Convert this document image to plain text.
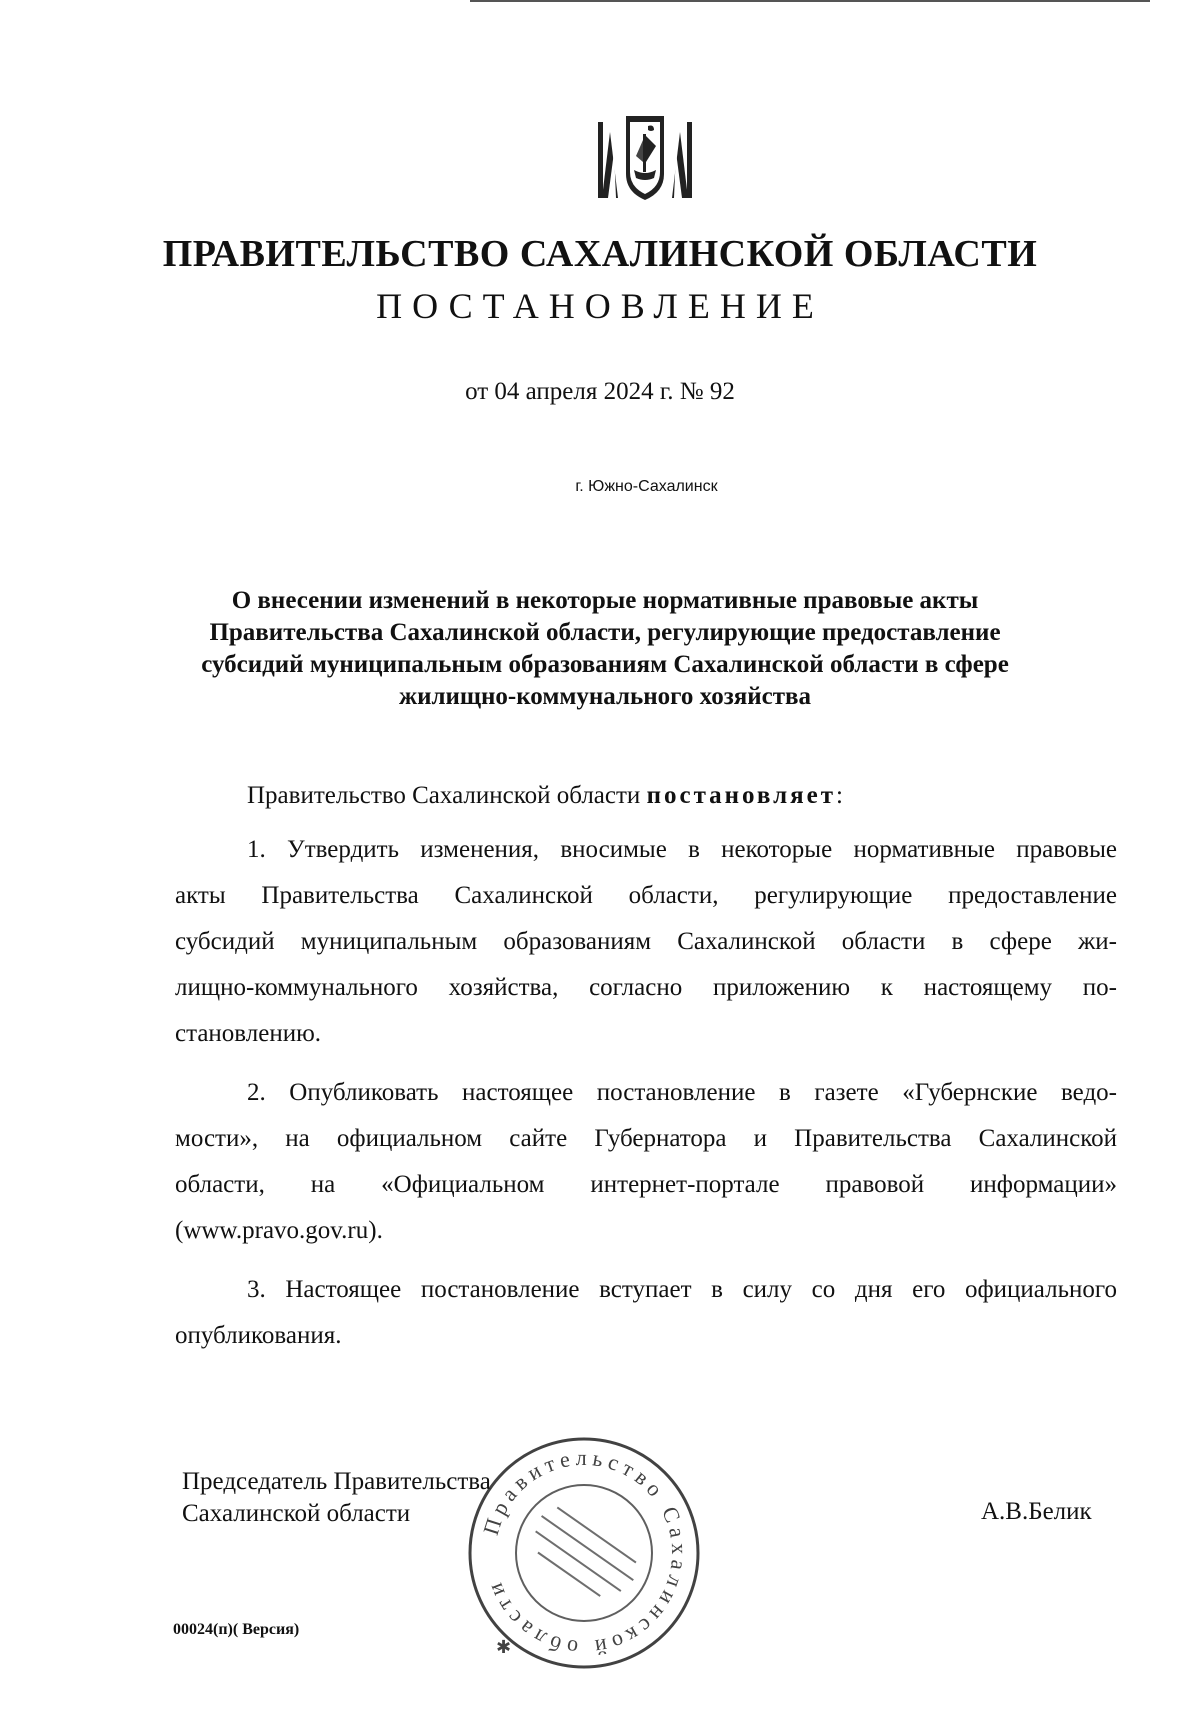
ПРАВИТЕЛЬСТВО САХАЛИНСКОЙ ОБЛАСТИ
ПОСТАНОВЛЕНИЕ
от 04 апреля 2024 г. № 92
г. Южно-Сахалинск
О внесении изменений в некоторые нормативные правовые акты
Правительства Сахалинской области, регулирующие предоставление
субсидий муниципальным образованиям Сахалинской области в сфере
жилищно-коммунального хозяйства
Правительство Сахалинской области постановляет:
1. Утвердить изменения, вносимые в некоторые нормативные правовые
акты Правительства Сахалинской области, регулирующие предоставление
субсидий муниципальным образованиям Сахалинской области в сфере жи-
лищно-коммунального хозяйства, согласно приложению к настоящему по-
становлению.
2. Опубликовать настоящее постановление в газете «Губернские ведо-
мости», на официальном сайте Губернатора и Правительства Сахалинской
области, на «Официальном интернет-портале правовой информации»
(www.pravo.gov.ru).
3. Настоящее постановление вступает в силу со дня его официального
опубликования.
Председатель Правительства
Сахалинской области	Правительство Сахалинской области
✱
А.В.Белик
00024(п)( Версия)
